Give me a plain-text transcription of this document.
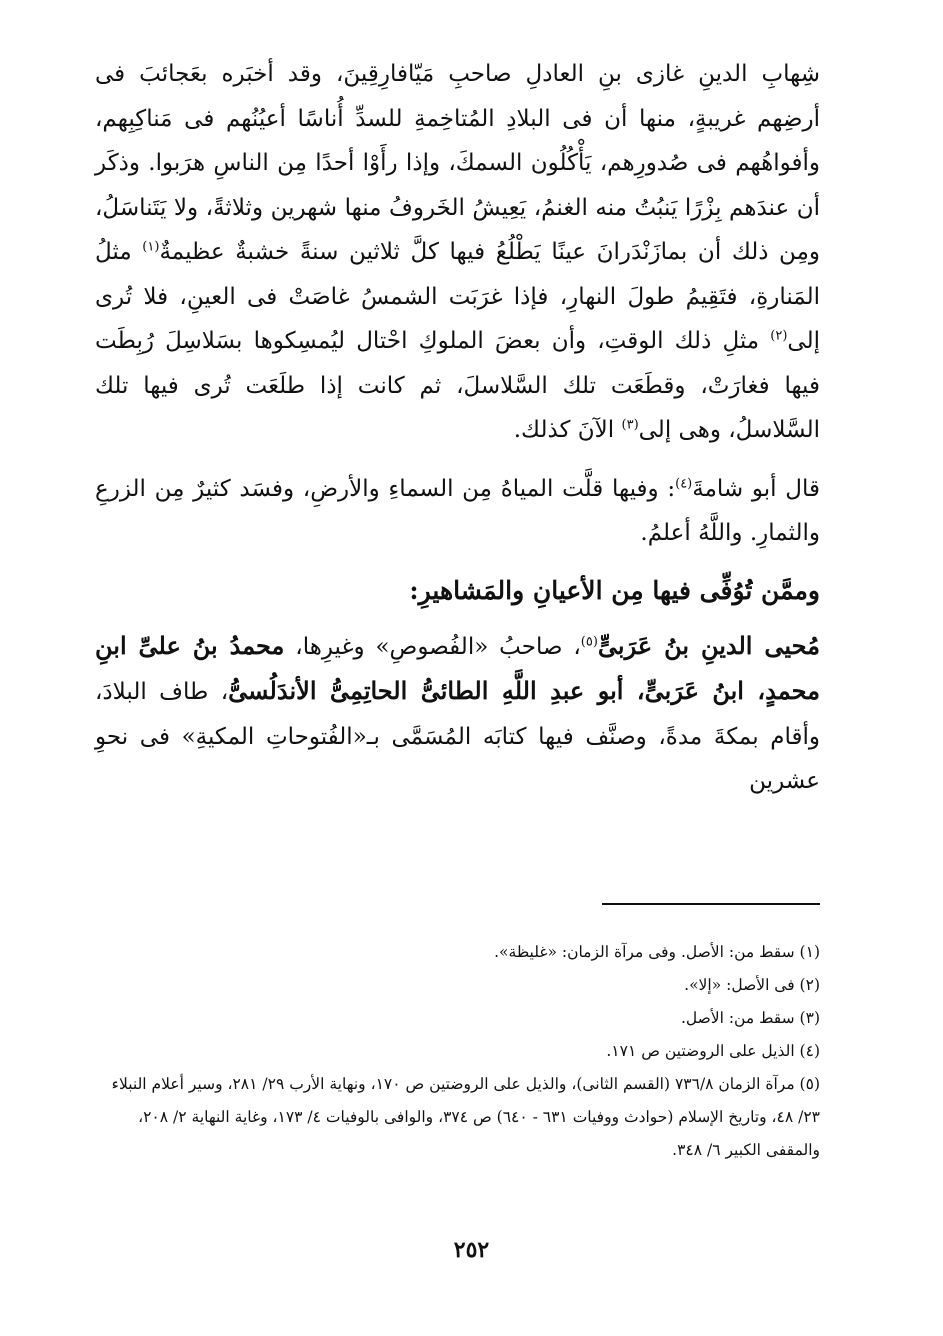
شِهابِ الدينِ غازى بنِ العادلِ صاحبِ مَيّافارِقِينَ، وقد أخبَره بعَجائبَ فى أرضِهم غريبةٍ، منها أن فى البلادِ المُتاخِمةِ للسدِّ أُناسًا أعيُنُهم فى مَناكِبِهم، وأفواهُهم فى صُدورِهم، يَأْكُلُون السمكَ، وإذا رأَوْا أحدًا مِن الناسِ هرَبوا. وذكَر أن عندَهم بِزْرًا يَنبُتُ منه الغنمُ، يَعِيشُ الخَروفُ منها شهرين وثلاثةً، ولا يَتَناسَلُ، ومِن ذلك أن بمازَنْدَرانَ عينًا يَطْلُعُ فيها كلَّ ثلاثين سنةً خشبةٌ عظيمةٌ$^{(١)}$ مثلُ المَنارةِ، فتَقِيمُ طولَ النهارِ، فإذا غرَبَت الشمسُ غاصَتْ فى العينِ، فلا تُرى إلى$^{(٢)}$ مثلِ ذلك الوقتِ، وأن بعضَ الملوكِ احْتال ليُمسِكوها بسَلاسِلَ رُبِطَت فيها فغارَتْ، وقطَعَت تلك السَّلاسلَ، ثم كانت إذا طلَعَت تُرى فيها تلك السَّلاسلُ، وهى إلى$^{(٣)}$ الآنَ كذلك.

قال أبو شامةَ$^{(٤)}$: وفيها قلَّت المياهُ مِن السماءِ والأرضِ، وفسَد كثيرٌ مِن الزرعِ والثمارِ. واللَّهُ أعلمُ.

وممَّن تُوُفِّى فيها مِن الأعيانِ والمَشاهيرِ:

مُحيى الدينِ بنُ عَرَبىٍّ$^{(٥)}$، صاحبُ «الفُصوصِ» وغيرِها، محمدُ بنُ علىِّ ابنِ محمدٍ، ابنُ عَرَبىٍّ، أبو عبدِ اللَّهِ الطائىُّ الحاتِمِىُّ الأندَلُسىُّ، طاف البلادَ، وأقام بمكةَ مدةً، وصنَّف فيها كتابَه المُسَمَّى بـ«الفُتوحاتِ المكيةِ» فى نحوِ عشرين

(١) سقط من: الأصل. وفى مرآة الزمان: «غليظة».
(٢) فى الأصل: «إلا».
(٣) سقط من: الأصل.
(٤) الذيل على الروضتين ص ١٧١.
(٥) مرآة الزمان ٧٣٦/٨ (القسم الثانى)، والذيل على الروضتين ص ١٧٠، ونهاية الأرب ٢٩/ ٢٨١، وسير أعلام النبلاء ٢٣/ ٤٨، وتاريخ الإسلام (حوادث ووفيات ٦٣١ - ٦٤٠) ص ٣٧٤، والوافى بالوفيات ٤/ ١٧٣، وغاية النهاية ٢/ ٢٠٨، والمقفى الكبير ٦/ ٣٤٨.
٢٥٢
